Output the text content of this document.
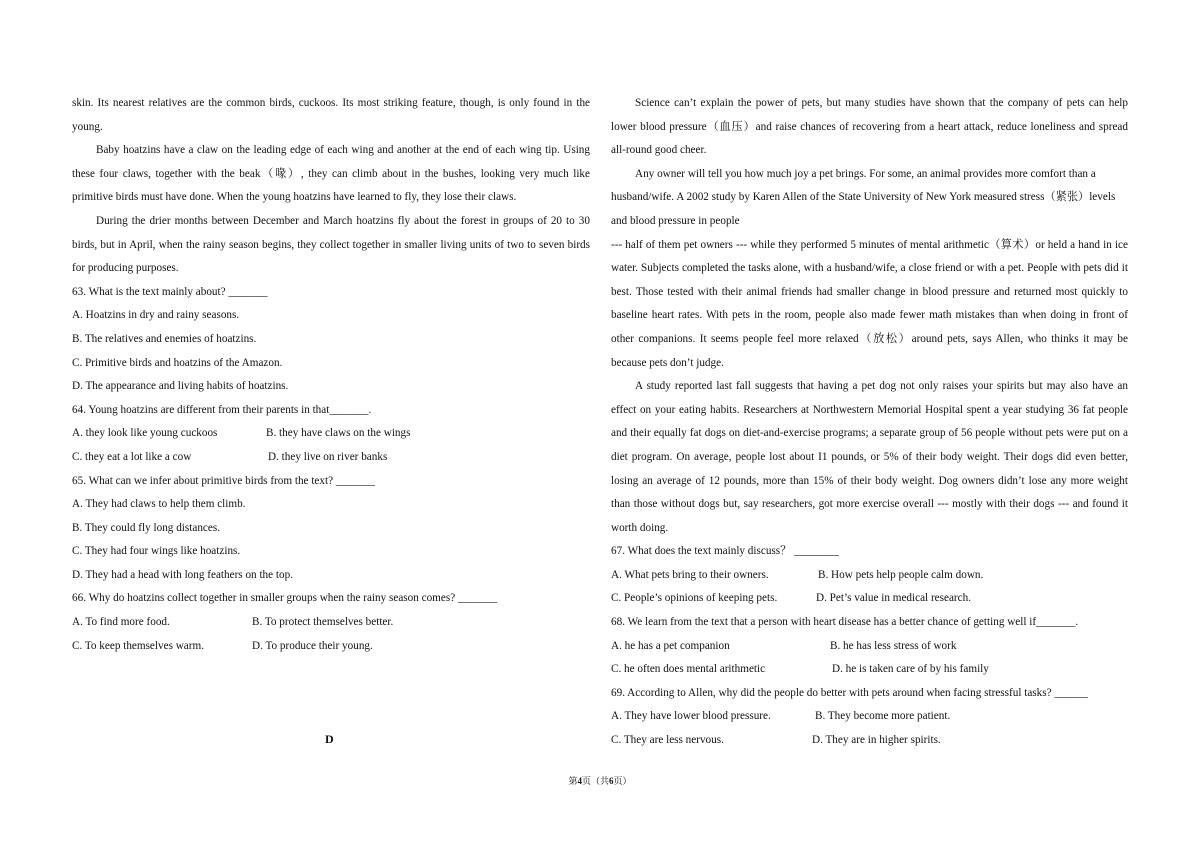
skin. Its nearest relatives are the common birds, cuckoos. Its most striking feature, though, is only found in the young.

Baby hoatzins have a claw on the leading edge of each wing and another at the end of each wing tip. Using these four claws, together with the beak（喙）, they can climb about in the bushes, looking very much like primitive birds must have done. When the young hoatzins have learned to fly, they lose their claws.

During the drier months between December and March hoatzins fly about the forest in groups of 20 to 30 birds, but in April, when the rainy season begins, they collect together in smaller living units of two to seven birds for producing purposes.

63. What is the text mainly about? _______

A. Hoatzins in dry and rainy seasons.

B. The relatives and enemies of hoatzins.

C. Primitive birds and hoatzins of the Amazon.

D. The appearance and living habits of hoatzins.

64. Young hoatzins are different from their parents in that_______.

A. they look like young cuckoos	B. they have claws on the wings
C. they eat a lot like a cow	D. they live on river banks

65. What can we infer about primitive birds from the text? _______

A. They had claws to help them climb.

B. They could fly long distances.

C. They had four wings like hoatzins.

D. They had a head with long feathers on the top.

66. Why do hoatzins collect together in smaller groups when the rainy season comes? _______

A. To find more food.	B. To protect themselves better.
C. To keep themselves warm.	D. To produce their young.
D

Science can’t explain the power of pets, but many studies have shown that the company of pets can help lower blood pressure（血压）and raise chances of recovering from a heart attack, reduce loneliness and spread all-round good cheer.

Any owner will tell you how much joy a pet brings. For some, an animal provides more comfort than a husband/wife. A 2002 study by Karen Allen of the State University of New York measured stress（紧张）levels and blood pressure in people

--- half of them pet owners --- while they performed 5 minutes of mental arithmetic（算术）or held a hand in ice water. Subjects completed the tasks alone, with a husband/wife, a close friend or with a pet. People with pets did it best. Those tested with their animal friends had smaller change in blood pressure and returned most quickly to baseline heart rates. With pets in the room, people also made fewer math mistakes than when doing in front of other companions. It seems people feel more relaxed（放松）around pets, says Allen, who thinks it may be because pets don’t judge.

A study reported last fall suggests that having a pet dog not only raises your spirits but may also have an effect on your eating habits. Researchers at Northwestern Memorial Hospital spent a year studying 36 fat people and their equally fat dogs on diet-and-exercise programs; a separate group of 56 people without pets were put on a diet program. On average, people lost about I1 pounds, or 5% of their body weight. Their dogs did even better, losing an average of 12 pounds, more than 15% of their body weight. Dog owners didn’t lose any more weight than those without dogs but, say researchers, got more exercise overall --- mostly with their dogs --- and found it worth doing.

67. What does the text mainly discuss？ ________

A. What pets bring to their owners.	B. How pets help people calm down.
C. People’s opinions of keeping pets.	D. Pet’s value in medical research.

68. We learn from the text that a person with heart disease has a better chance of getting well if_______.

A. he has a pet companion	B. he has less stress of work
C. he often does mental arithmetic	D. he is taken care of by his family

69. According to Allen, why did the people do better with pets around when facing stressful tasks? ______

A. They have lower blood pressure.	B. They become more patient.
C. They are less nervous.	D. They are in higher spirits.
第4页（共6页）
